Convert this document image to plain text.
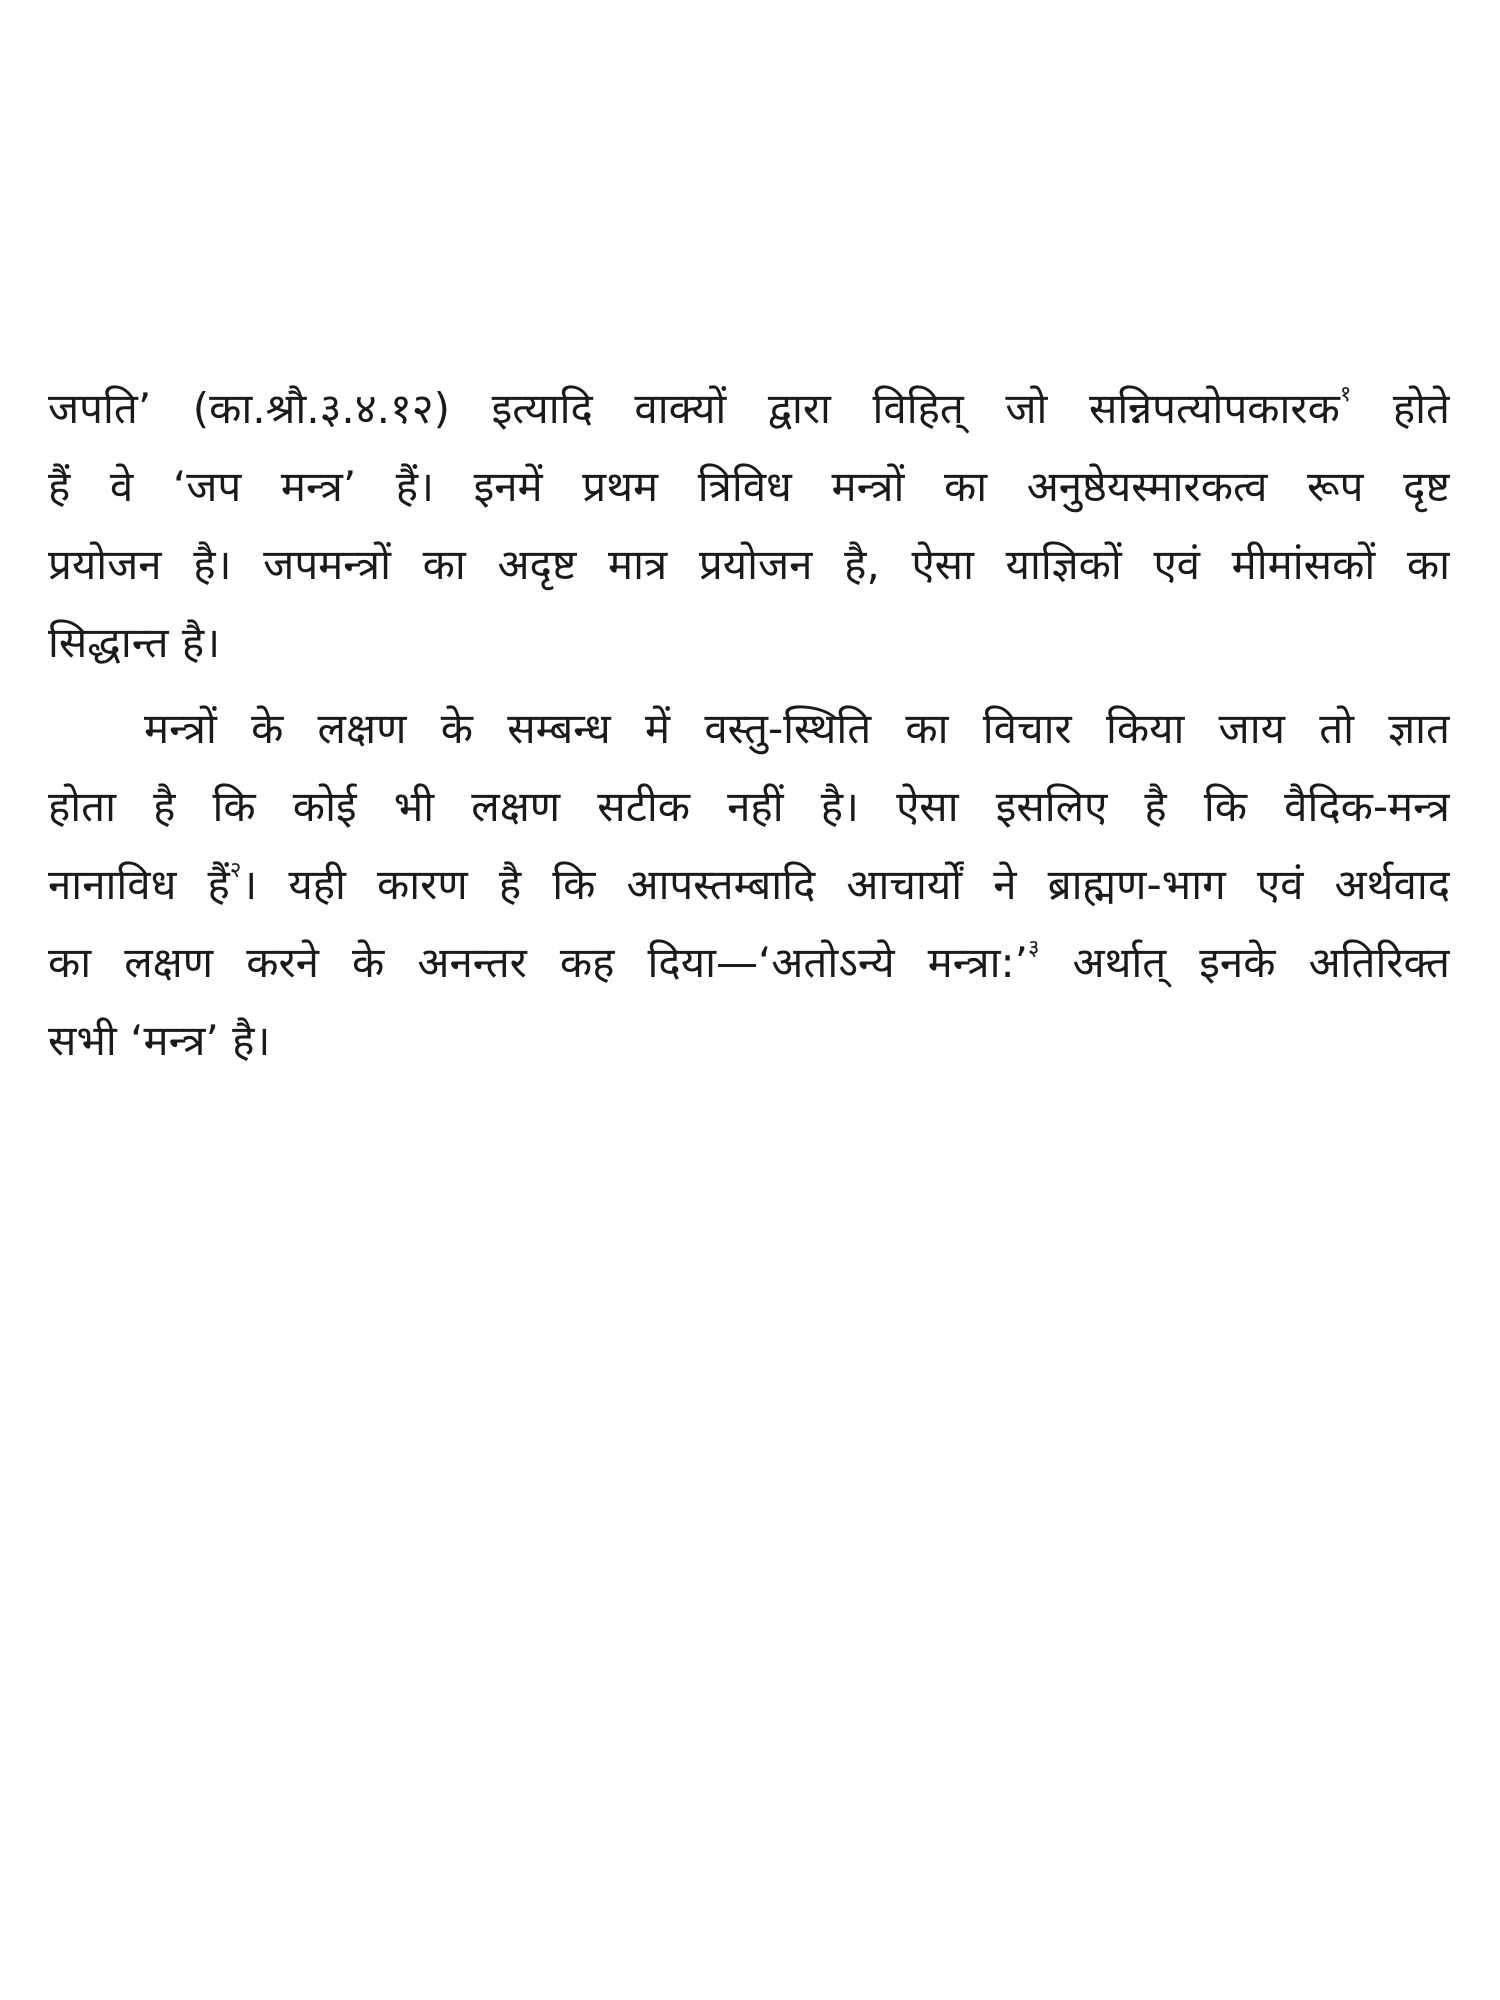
जपति’ (का.श्रौ.३.४.१२) इत्यादि वाक्यों द्वारा विहित् जो सन्निपत्योपकारक$^१$ होते
हैं वे ‘जप मन्त्र’ हैं। इनमें प्रथम त्रिविध मन्त्रों का अनुष्ठेयस्मारकत्व रूप दृष्ट
प्रयोजन है। जपमन्त्रों का अदृष्ट मात्र प्रयोजन है, ऐसा याज्ञिकों एवं मीमांसकों का
सिद्धान्त है।
मन्त्रों के लक्षण के सम्बन्ध में वस्तु-स्थिति का विचार किया जाय तो ज्ञात
होता है कि कोई भी लक्षण सटीक नहीं है। ऐसा इसलिए है कि वैदिक-मन्त्र
नानाविध हैं$^२$। यही कारण है कि आपस्तम्बादि आचार्यों ने ब्राह्मण-भाग एवं अर्थवाद
का लक्षण करने के अनन्तर कह दिया—‘अतोऽन्ये मन्त्रा:’$^३$ अर्थात् इनके अतिरिक्त
सभी ‘मन्त्र’ है।
